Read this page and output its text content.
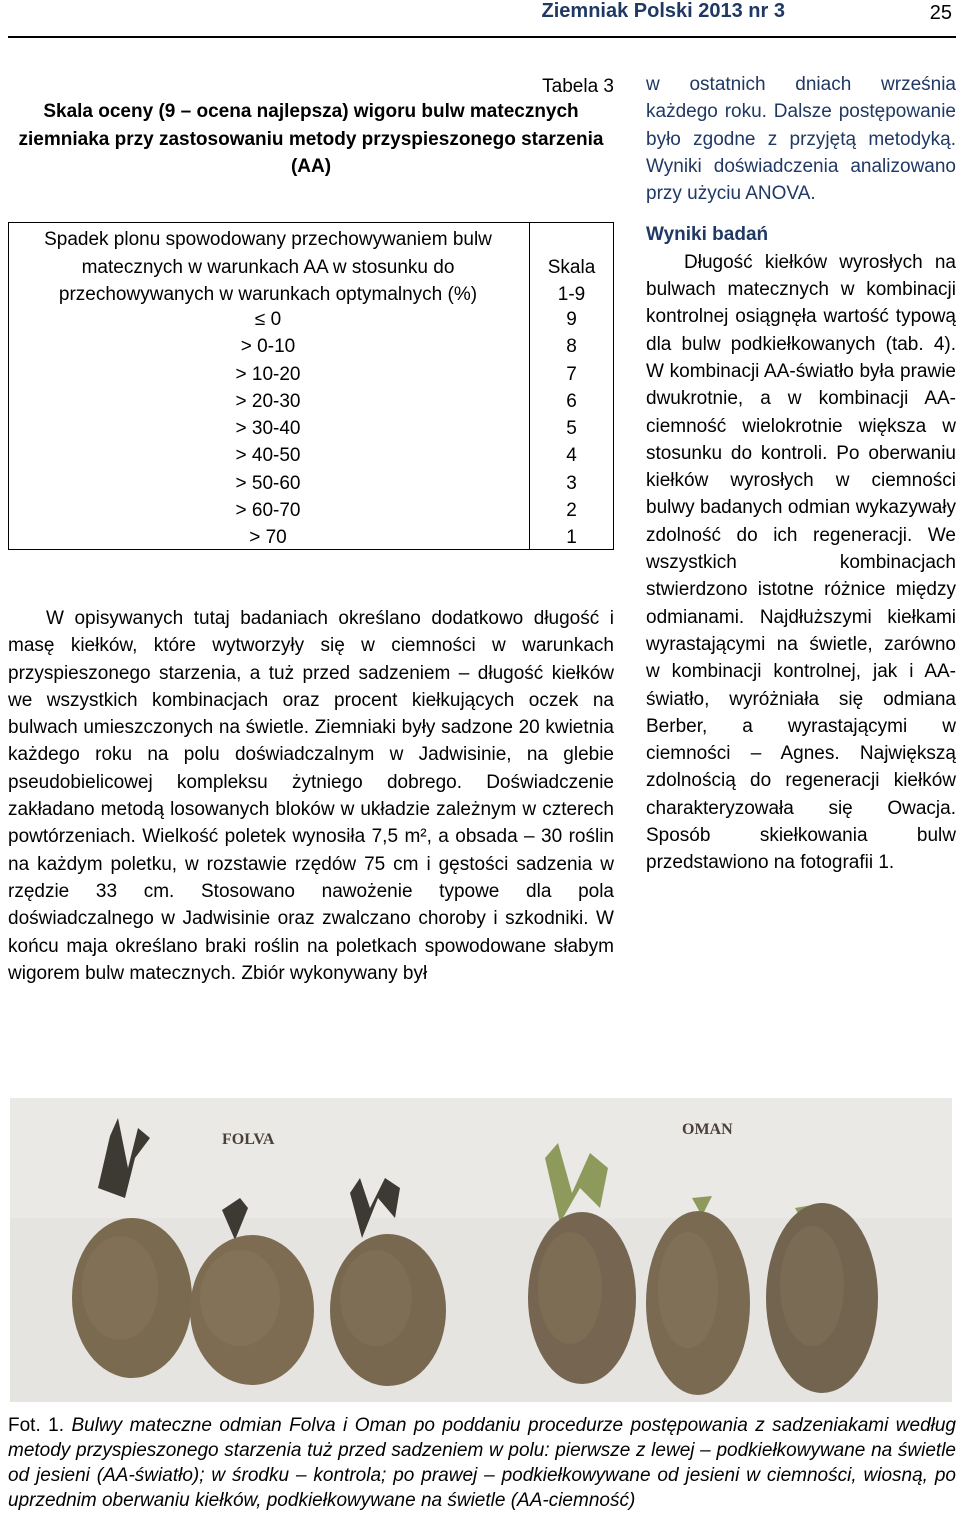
Ziemniak Polski 2013 nr 3	25
Tabela 3
Skala oceny (9 – ocena najlepsza) wigoru bulw matecznych ziemniaka przy zastosowaniu metody przyspieszonego starzenia (AA)
Spadek plonu spowodowany przechowywaniem bulw matecznych w warunkach AA w stosunku do przechowywanych w warunkach optymalnych (%)
Skala
1-9
≤ 0
> 0-10
> 10-20
> 20-30
> 30-40
> 40-50
> 50-60
> 60-70
> 70
9
8
7
6
5
4
3
2
1

W opisywanych tutaj badaniach określano dodatkowo długość i masę kiełków, które wytworzyły się w ciemności w warunkach przyspieszonego starzenia, a tuż przed sadzeniem – długość kiełków we wszystkich kombinacjach oraz procent kiełkujących oczek na bulwach umieszczonych na świetle. Ziemniaki były sadzone 20 kwietnia każdego roku na polu doświadczalnym w Jadwisinie, na glebie pseudobielicowej kompleksu żytniego dobrego. Doświadczenie zakładano metodą losowanych bloków w układzie zależnym w czterech powtórzeniach. Wielkość poletek wynosiła 7,5 m², a obsada – 30 roślin na każdym poletku, w rozstawie rzędów 75 cm i gęstości sadzenia w rzędzie 33 cm. Stosowano nawożenie typowe dla pola doświadczalnego w Jadwisinie oraz zwalczano choroby i szkodniki. W końcu maja określano braki roślin na poletkach spowodowane słabym wigorem bulw matecznych. Zbiór wykonywany był

w ostatnich dniach września każdego roku. Dalsze postępowanie było zgodne z przyjętą metodyką. Wyniki doświadczenia analizowano przy użyciu ANOVA.

Wyniki badań

Długość kiełków wyrosłych na bulwach matecznych w kombinacji kontrolnej osiągnęła wartość typową dla bulw podkiełkowanych (tab. 4). W kombinacji AA-światło była prawie dwukrotnie, a w kombinacji AA-ciemność wielokrotnie większa w stosunku do kontroli. Po oberwaniu kiełków wyrosłych w ciemności bulwy badanych odmian wykazywały zdolność do ich regeneracji. We wszystkich kombinacjach stwierdzono istotne różnice między odmianami. Najdłuższymi kiełkami wyrastającymi na świetle, zarówno w kombinacji kontrolnej, jak i AA-światło, wyróżniała się odmiana Berber, a wyrastającymi w ciemności – Agnes. Największą zdolnością do regeneracji kiełków charakteryzowała się Owacja. Sposób skiełkowania bulw przedstawiono na fotografii 1.

FOLVA
OMAN
Fot. 1. Bulwy mateczne odmian Folva i Oman po poddaniu procedurze postępowania z sadzeniakami według metody przyspieszonego starzenia tuż przed sadzeniem w polu: pierwsze z lewej – podkiełkowywane na świetle od jesieni (AA-światło); w środku – kontrola; po prawej – podkiełkowywane od jesieni w ciemności, wiosną, po uprzednim oberwaniu kiełków, podkiełkowywane na świetle (AA-ciemność)
